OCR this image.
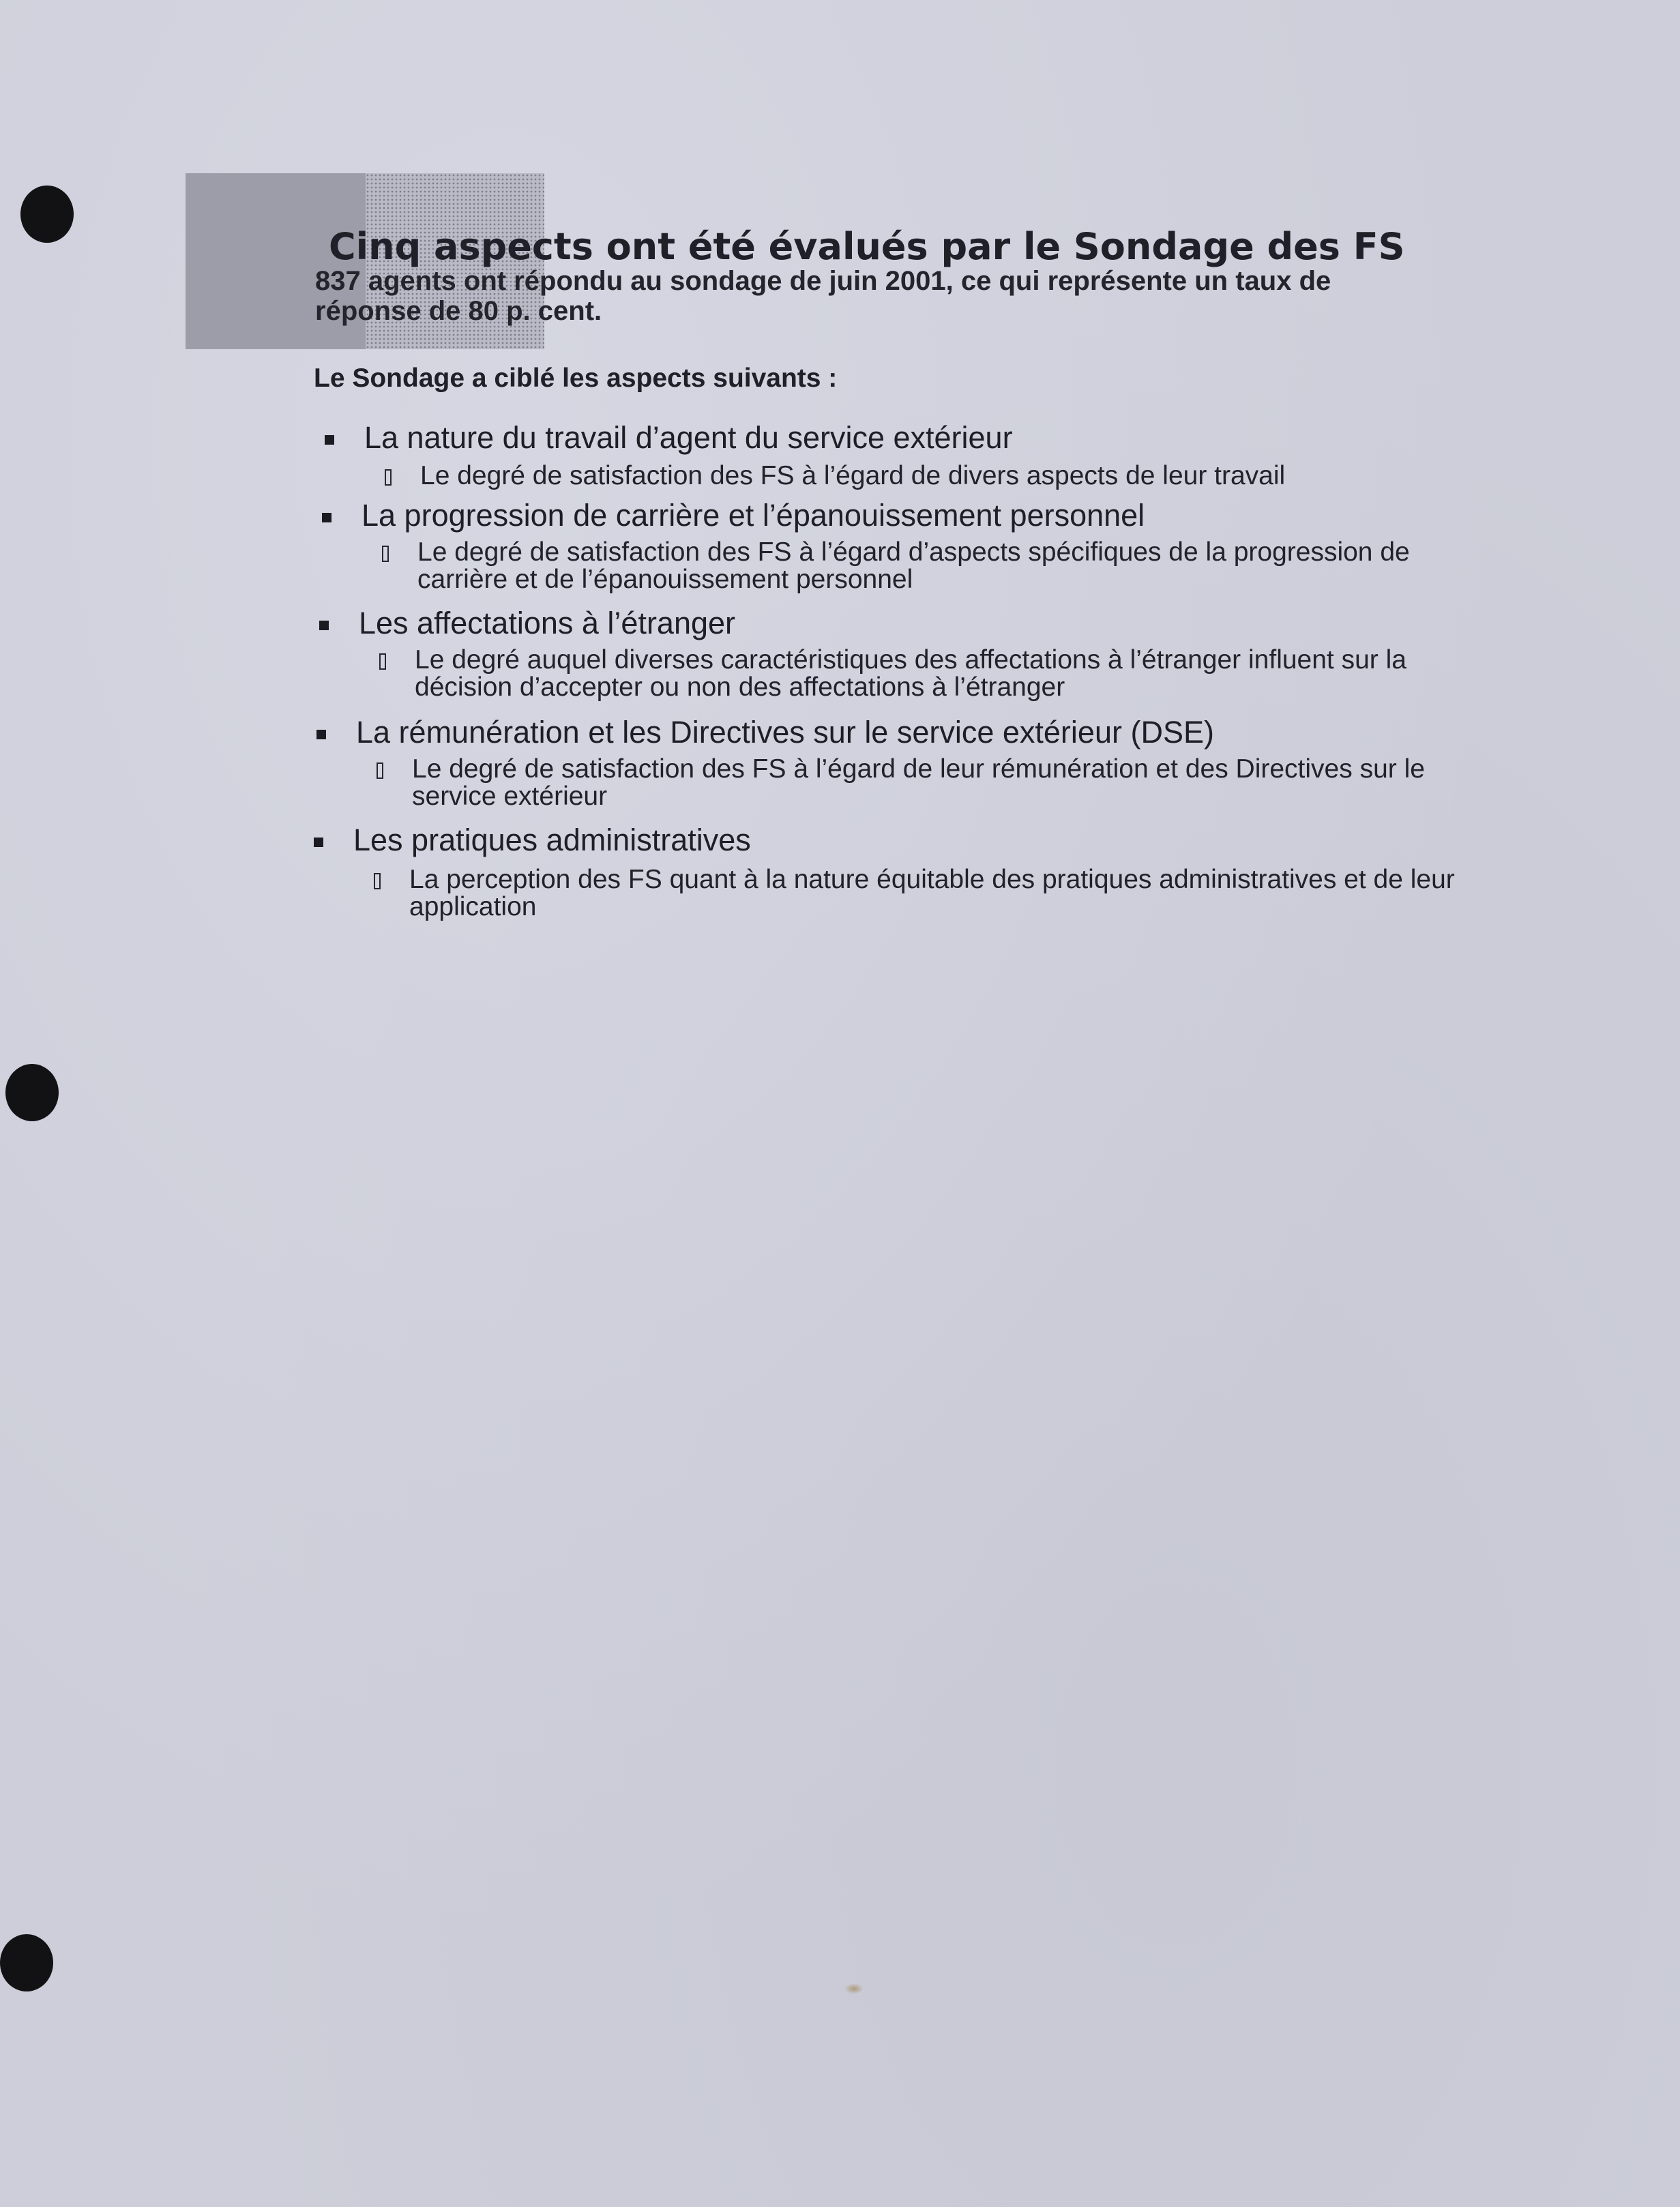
Cinq aspects ont été évalués par le Sondage des FS

837 agents ont répondu au sondage de juin 2001, ce qui représente un taux de réponse de 80 p. cent.

Le Sondage a ciblé les aspects suivants :

La nature du travail d’agent du service extérieur
Le degré de satisfaction des FS à l’égard de divers aspects de leur travail
La progression de carrière et l’épanouissement personnel
Le degré de satisfaction des FS à l’égard d’aspects spécifiques de la progression de carrière et de l’épanouissement personnel
Les affectations à l’étranger
Le degré auquel diverses caractéristiques des affectations à l’étranger influent sur la décision d’accepter ou non des affectations à l’étranger
La rémunération et les Directives sur le service extérieur (DSE)
Le degré de satisfaction des FS à l’égard de leur rémunération et des Directives sur le service extérieur
Les pratiques administratives
La perception des FS quant à la nature équitable des pratiques administratives et de leur application
